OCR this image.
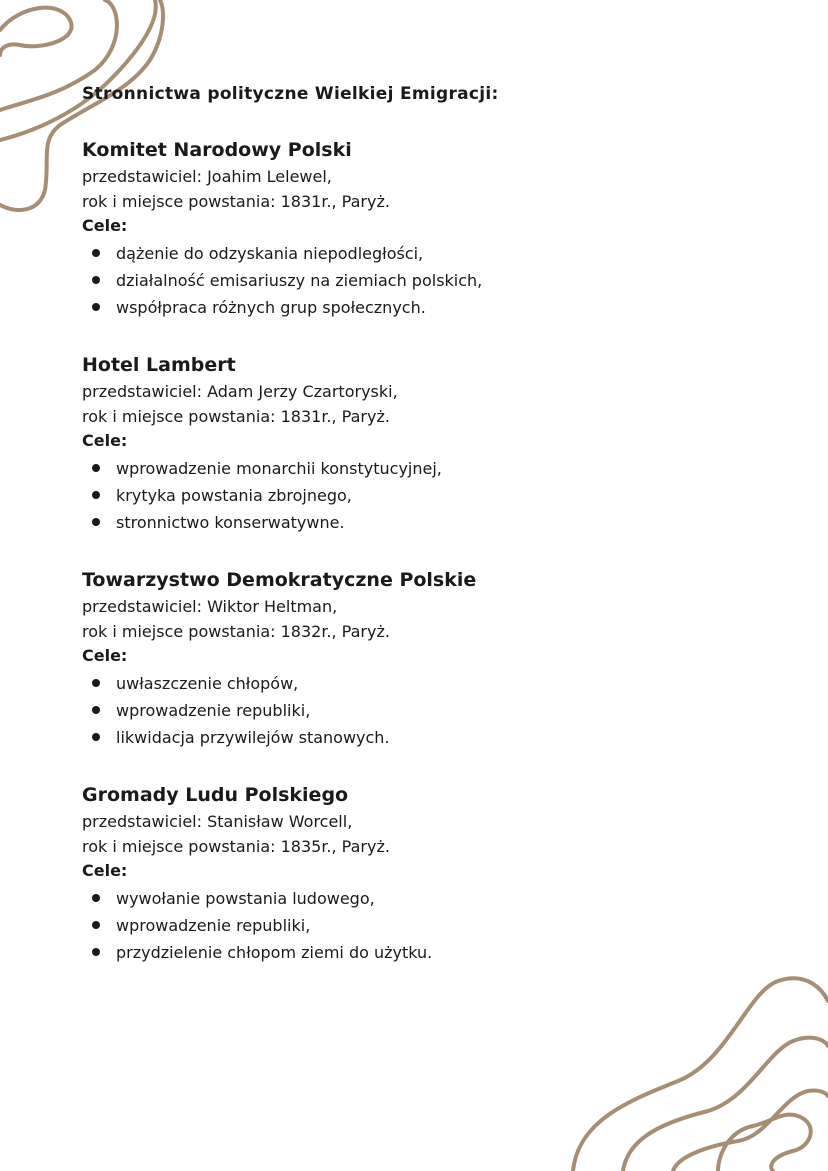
Stronnictwa polityczne Wielkiej Emigracji:
Komitet Narodowy Polski

przedstawiciel: Joahim Lelewel,

rok i miejsce powstania: 1831r., Paryż.

Cele:

dążenie do odzyskania niepodległości,
działalność emisariuszy na ziemiach polskich,
współpraca różnych grup społecznych.
Hotel Lambert

przedstawiciel: Adam Jerzy Czartoryski,

rok i miejsce powstania: 1831r., Paryż.

Cele:

wprowadzenie monarchii konstytucyjnej,
krytyka powstania zbrojnego,
stronnictwo konserwatywne.
Towarzystwo Demokratyczne Polskie

przedstawiciel: Wiktor Heltman,

rok i miejsce powstania: 1832r., Paryż.

Cele:

uwłaszczenie chłopów,
wprowadzenie republiki,
likwidacja przywilejów stanowych.
Gromady Ludu Polskiego

przedstawiciel: Stanisław Worcell,

rok i miejsce powstania: 1835r., Paryż.

Cele:

wywołanie powstania ludowego,
wprowadzenie republiki,
przydzielenie chłopom ziemi do użytku.
